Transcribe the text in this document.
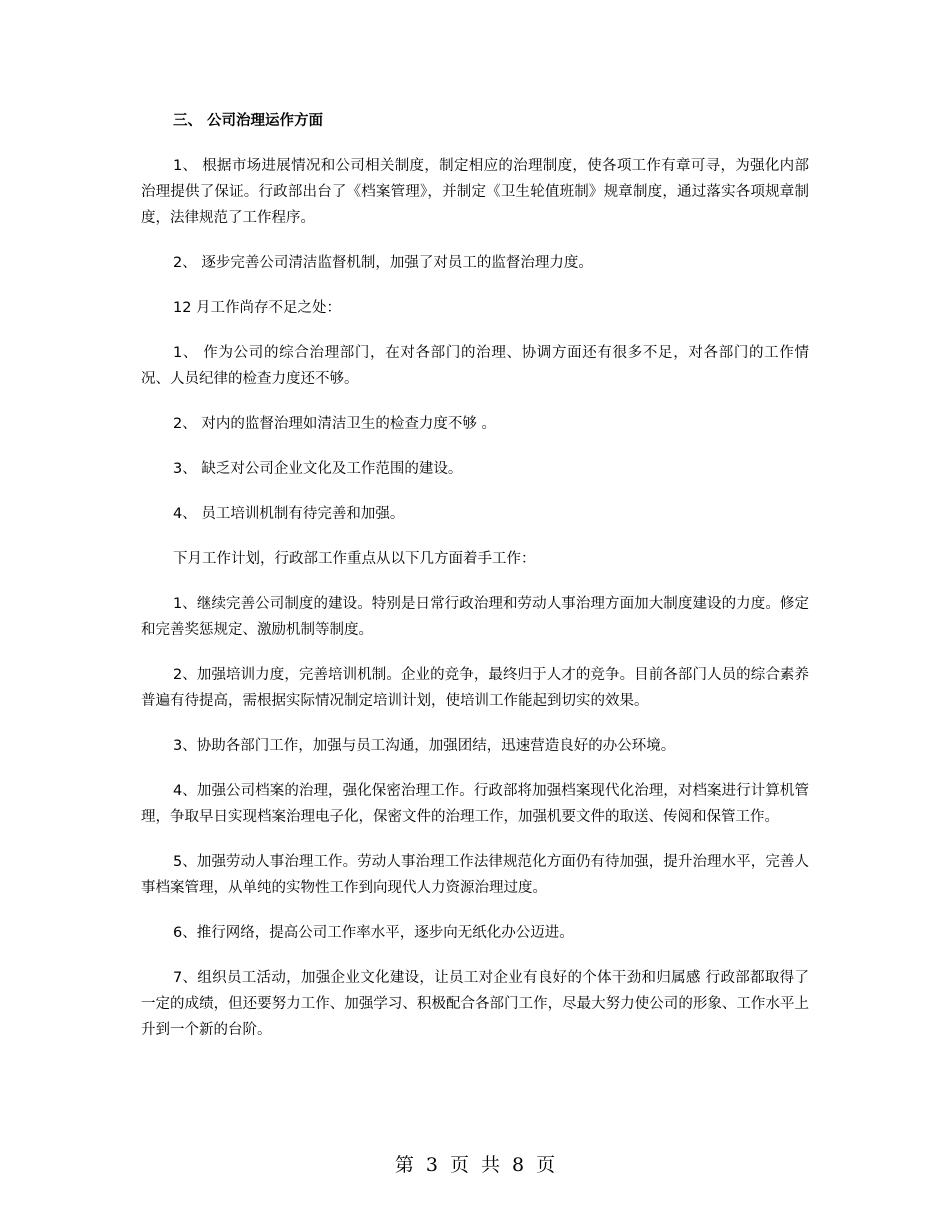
三、 公司治理运作方面

1、 根据市场进展情况和公司相关制度，制定相应的治理制度，使各项工作有章可寻，为强化内部治理提供了保证。行政部出台了《档案管理》，并制定《卫生轮值班制》规章制度，通过落实各项规章制度，法律规范了工作程序。

2、 逐步完善公司清洁监督机制，加强了对员工的监督治理力度。

12 月工作尚存不足之处：

1、 作为公司的综合治理部门，在对各部门的治理、协调方面还有很多不足，对各部门的工作情况、人员纪律的检查力度还不够。

2、 对内的监督治理如清洁卫生的检查力度不够 。

3、 缺乏对公司企业文化及工作范围的建设。

4、 员工培训机制有待完善和加强。

下月工作计划，行政部工作重点从以下几方面着手工作：

1、继续完善公司制度的建设。特别是日常行政治理和劳动人事治理方面加大制度建设的力度。修定和完善奖惩规定、激励机制等制度。

2、加强培训力度，完善培训机制。企业的竞争，最终归于人才的竞争。目前各部门人员的综合素养普遍有待提高，需根据实际情况制定培训计划，使培训工作能起到切实的效果。

3、协助各部门工作，加强与员工沟通，加强团结，迅速营造良好的办公环境。

4、加强公司档案的治理，强化保密治理工作。行政部将加强档案现代化治理，对档案进行计算机管理，争取早日实现档案治理电子化，保密文件的治理工作，加强机要文件的取送、传阅和保管工作。

5、加强劳动人事治理工作。劳动人事治理工作法律规范化方面仍有待加强，提升治理水平，完善人事档案管理，从单纯的实物性工作到向现代人力资源治理过度。

6、推行网络，提高公司工作率水平，逐步向无纸化办公迈进。

7、组织员工活动，加强企业文化建设，让员工对企业有良好的个体干劲和归属感 行政部都取得了一定的成绩，但还要努力工作、加强学习、积极配合各部门工作，尽最大努力使公司的形象、工作水平上升到一个新的台阶。

第 3 页 共 8 页
